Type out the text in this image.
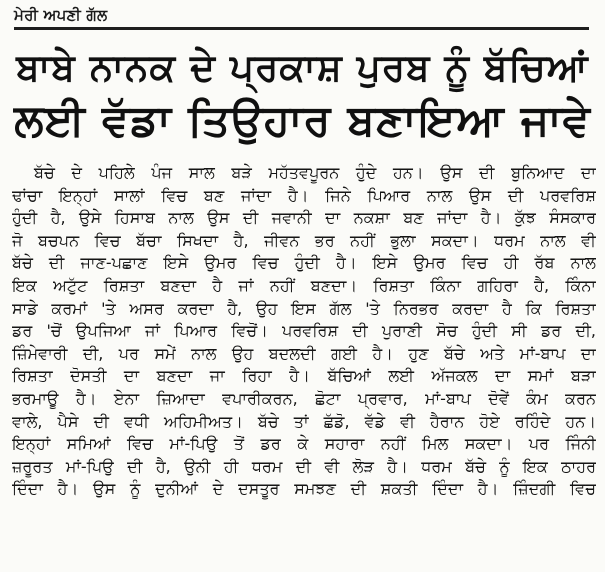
ਮੇਰੀ ਅਪਣੀ ਗੱਲ
ਬਾਬੇ ਨਾਨਕ ਦੇ ਪ੍ਰਕਾਸ਼ ਪੁਰਬ ਨੂੰ ਬੱਚਿਆਂ
ਲਈ ਵੱਡਾ ਤਿਉਹਾਰ ਬਣਾਇਆ ਜਾਵੇ
ਬੱਚੇ ਦੇ ਪਹਿਲੇ ਪੰਜ ਸਾਲ ਬੜੇ ਮਹੱਤਵਪੂਰਨ ਹੁੰਦੇ ਹਨ। ਉਸ ਦੀ ਬੁਨਿਆਦ ਦਾ
ਢਾਂਚਾ ਇਨ੍ਹਾਂ ਸਾਲਾਂ ਵਿਚ ਬਣ ਜਾਂਦਾ ਹੈ। ਜਿਨੇ ਪਿਆਰ ਨਾਲ ਉਸ ਦੀ ਪਰਵਰਿਸ਼
ਹੁੰਦੀ ਹੈ, ਉਸੇ ਹਿਸਾਬ ਨਾਲ ਉਸ ਦੀ ਜਵਾਨੀ ਦਾ ਨਕਸ਼ਾ ਬਣ ਜਾਂਦਾ ਹੈ। ਕੁੱਝ ਸੰਸਕਾਰ
ਜੋ ਬਚਪਨ ਵਿਚ ਬੱਚਾ ਸਿਖਦਾ ਹੈ, ਜੀਵਨ ਭਰ ਨਹੀਂ ਭੁਲਾ ਸਕਦਾ। ਧਰਮ ਨਾਲ ਵੀ
ਬੱਚੇ ਦੀ ਜਾਣ-ਪਛਾਣ ਇਸੇ ਉਮਰ ਵਿਚ ਹੁੰਦੀ ਹੈ। ਇਸੇ ਉਮਰ ਵਿਚ ਹੀ ਰੱਬ ਨਾਲ
ਇਕ ਅਟੁੱਟ ਰਿਸ਼ਤਾ ਬਣਦਾ ਹੈ ਜਾਂ ਨਹੀਂ ਬਣਦਾ। ਰਿਸ਼ਤਾ ਕਿੰਨਾ ਗਹਿਰਾ ਹੈ, ਕਿੰਨਾ
ਸਾਡੇ ਕਰਮਾਂ 'ਤੇ ਅਸਰ ਕਰਦਾ ਹੈ, ਉਹ ਇਸ ਗੱਲ 'ਤੇ ਨਿਰਭਰ ਕਰਦਾ ਹੈ ਕਿ ਰਿਸ਼ਤਾ
ਡਰ 'ਚੋਂ ਉਪਜਿਆ ਜਾਂ ਪਿਆਰ ਵਿਚੋਂ। ਪਰਵਰਿਸ਼ ਦੀ ਪੁਰਾਣੀ ਸੋਚ ਹੁੰਦੀ ਸੀ ਡਰ ਦੀ,
ਜ਼ਿੰਮੇਵਾਰੀ ਦੀ, ਪਰ ਸਮੇਂ ਨਾਲ ਉਹ ਬਦਲਦੀ ਗਈ ਹੈ। ਹੁਣ ਬੱਚੇ ਅਤੇ ਮਾਂ-ਬਾਪ ਦਾ
ਰਿਸ਼ਤਾ ਦੋਸਤੀ ਦਾ ਬਣਦਾ ਜਾ ਰਿਹਾ ਹੈ। ਬੱਚਿਆਂ ਲਈ ਅੱਜਕਲ ਦਾ ਸਮਾਂ ਬੜਾ
ਭਰਮਾਊ ਹੈ। ਏਨਾ ਜ਼ਿਆਦਾ ਵਪਾਰੀਕਰਨ, ਛੋਟਾ ਪ੍ਰਵਾਰ, ਮਾਂ-ਬਾਪ ਦੋਵੇਂ ਕੰਮ ਕਰਨ
ਵਾਲੇ, ਪੈਸੇ ਦੀ ਵਧੀ ਅਹਿਮੀਅਤ। ਬੱਚੇ ਤਾਂ ਛੱਡੋ, ਵੱਡੇ ਵੀ ਹੈਰਾਨ ਹੋਏ ਰਹਿੰਦੇ ਹਨ।
ਇਨ੍ਹਾਂ ਸਮਿਆਂ ਵਿਚ ਮਾਂ-ਪਿਉ ਤੋਂ ਡਰ ਕੇ ਸਹਾਰਾ ਨਹੀਂ ਮਿਲ ਸਕਦਾ। ਪਰ ਜਿੰਨੀ
ਜ਼ਰੂਰਤ ਮਾਂ-ਪਿਉ ਦੀ ਹੈ, ਉਨੀ ਹੀ ਧਰਮ ਦੀ ਵੀ ਲੋੜ ਹੈ। ਧਰਮ ਬੱਚੇ ਨੂੰ ਇਕ ਠਾਹਰ
ਦਿੰਦਾ ਹੈ। ਉਸ ਨੂੰ ਦੁਨੀਆਂ ਦੇ ਦਸਤੂਰ ਸਮਝਣ ਦੀ ਸ਼ਕਤੀ ਦਿੰਦਾ ਹੈ। ਜ਼ਿੰਦਗੀ ਵਿਚ
